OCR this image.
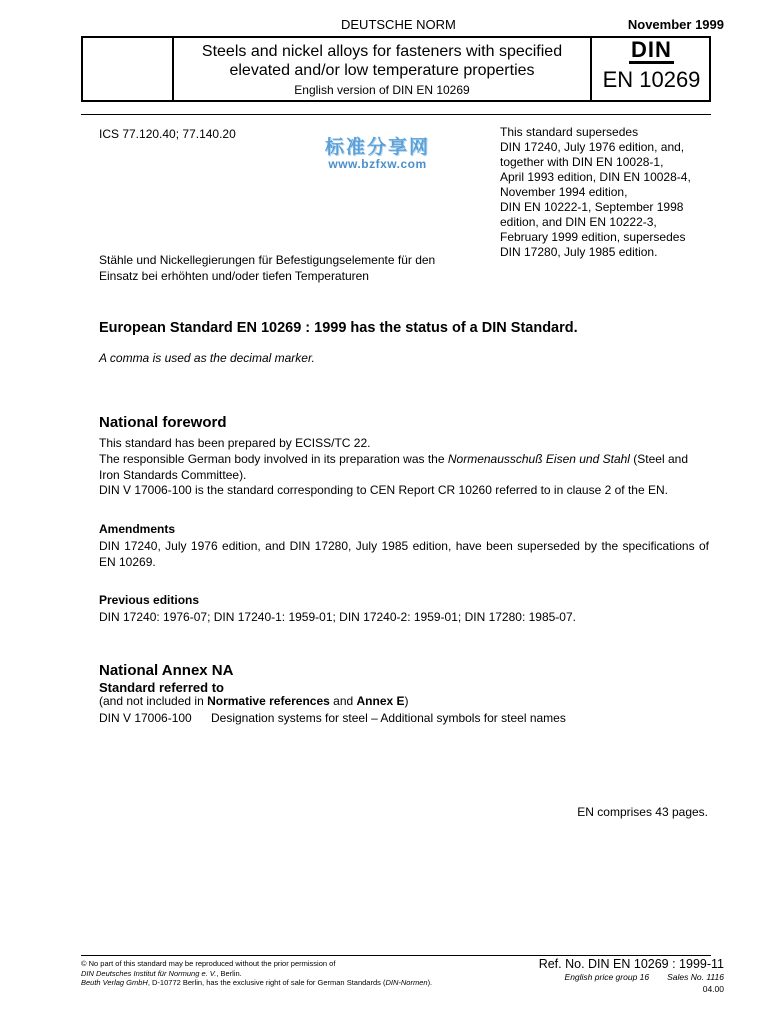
DEUTSCHE NORM	November 1999
Steels and nickel alloys for fasteners with specified
elevated and/or low temperature properties
English version of DIN EN 10269
DIN
EN 10269
ICS 77.120.40; 77.140.20
标准分享网
www.bzfxw.com
This standard supersedes
DIN 17240, July 1976 edition, and,
together with DIN EN 10028-1,
April 1993 edition, DIN EN 10028-4,
November 1994 edition,
DIN EN 10222-1, September 1998
edition, and DIN EN 10222-3,
February 1999 edition, supersedes
DIN 17280, July 1985 edition.
Stähle und Nickellegierungen für Befestigungselemente für den
Einsatz bei erhöhten und/oder tiefen Temperaturen
European Standard EN 10269 : 1999 has the status of a DIN Standard.
A comma is used as the decimal marker.
National foreword
This standard has been prepared by ECISS/TC 22.
The responsible German body involved in its preparation was the Normenausschuß Eisen und Stahl (Steel and Iron Standards Committee).
DIN V 17006-100 is the standard corresponding to CEN Report CR 10260 referred to in clause 2 of the EN.
Amendments
DIN 17240, July 1976 edition, and DIN 17280, July 1985 edition, have been superseded by the specifications of EN 10269.
Previous editions
DIN 17240: 1976-07; DIN 17240-1: 1959-01; DIN 17240-2: 1959-01; DIN 17280: 1985-07.
National Annex NA
Standard referred to
(and not included in Normative references and Annex E)
DIN V 17006-100 Designation systems for steel – Additional symbols for steel names
EN comprises 43 pages.
© No part of this standard may be reproduced without the prior permission of
DIN Deutsches Institut für Normung e. V., Berlin.
Beuth Verlag GmbH, D-10772 Berlin, has the exclusive right of sale for German Standards (DIN-Normen).
Ref. No. DIN EN 10269 : 1999-11
English price group 16 Sales No. 1116
04.00
